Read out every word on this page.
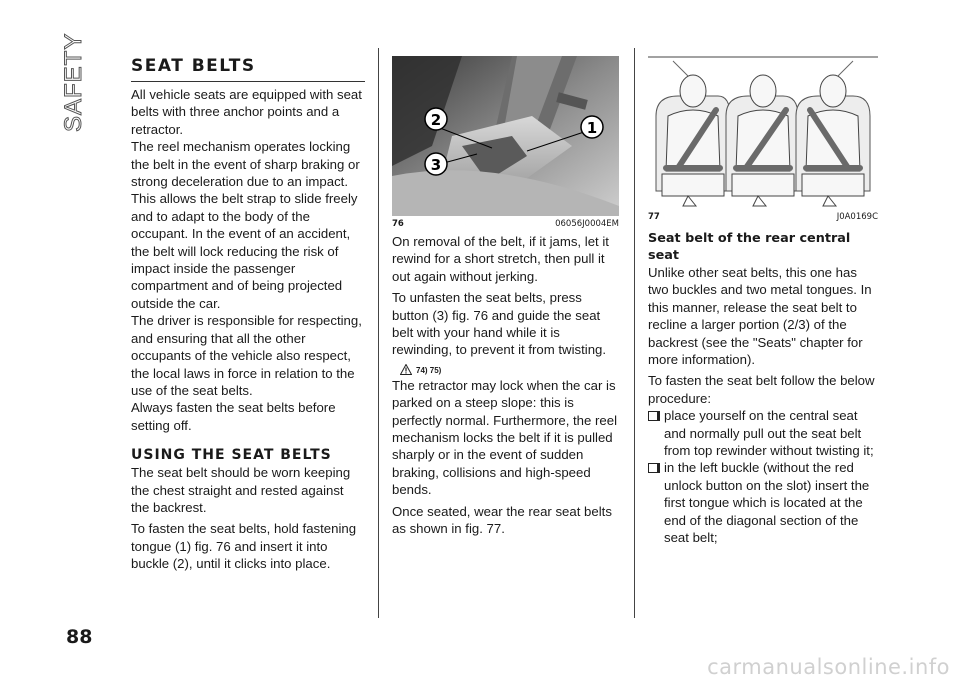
SAFETY	SEAT BELTS

All vehicle seats are equipped with seat belts with three anchor points and a retractor.

The reel mechanism operates locking the belt in the event of sharp braking or strong deceleration due to an impact. This allows the belt strap to slide freely and to adapt to the body of the occupant. In the event of an accident, the belt will lock reducing the risk of impact inside the passenger compartment and of being projected outside the car.

The driver is responsible for respecting, and ensuring that all the other occupants of the vehicle also respect, the local laws in force in relation to the use of the seat belts.

Always fasten the seat belts before setting off.

USING THE SEAT BELTS

The seat belt should be worn keeping the chest straight and rested against the backrest.

To fasten the seat belts, hold fastening tongue (1) fig. 76 and insert it into buckle (2), until it clicks into place.

2
3
1
76	06056J0004EM

On removal of the belt, if it jams, let it rewind for a short stretch, then pull it out again without jerking.

To unfasten the seat belts, press button (3) fig. 76 and guide the seat belt with your hand while it is rewinding, to prevent it from twisting.

74) 75)

The retractor may lock when the car is parked on a steep slope: this is perfectly normal. Furthermore, the reel mechanism locks the belt if it is pulled sharply or in the event of sudden braking, collisions and high-speed bends.

Once seated, wear the rear seat belts as shown in fig. 77.

77	J0A0169C
Seat belt of the rear central seat

Unlike other seat belts, this one has two buckles and two metal tongues. In this manner, release the seat belt to recline a larger portion (2/3) of the backrest (see the "Seats" chapter for more information).

To fasten the seat belt follow the below procedure:

place yourself on the central seat and normally pull out the seat belt from top rewinder without twisting it;

in the left buckle (without the red unlock button on the slot) insert the first tongue which is located at the end of the diagonal section of the seat belt;

88
carmanualsonline.info
